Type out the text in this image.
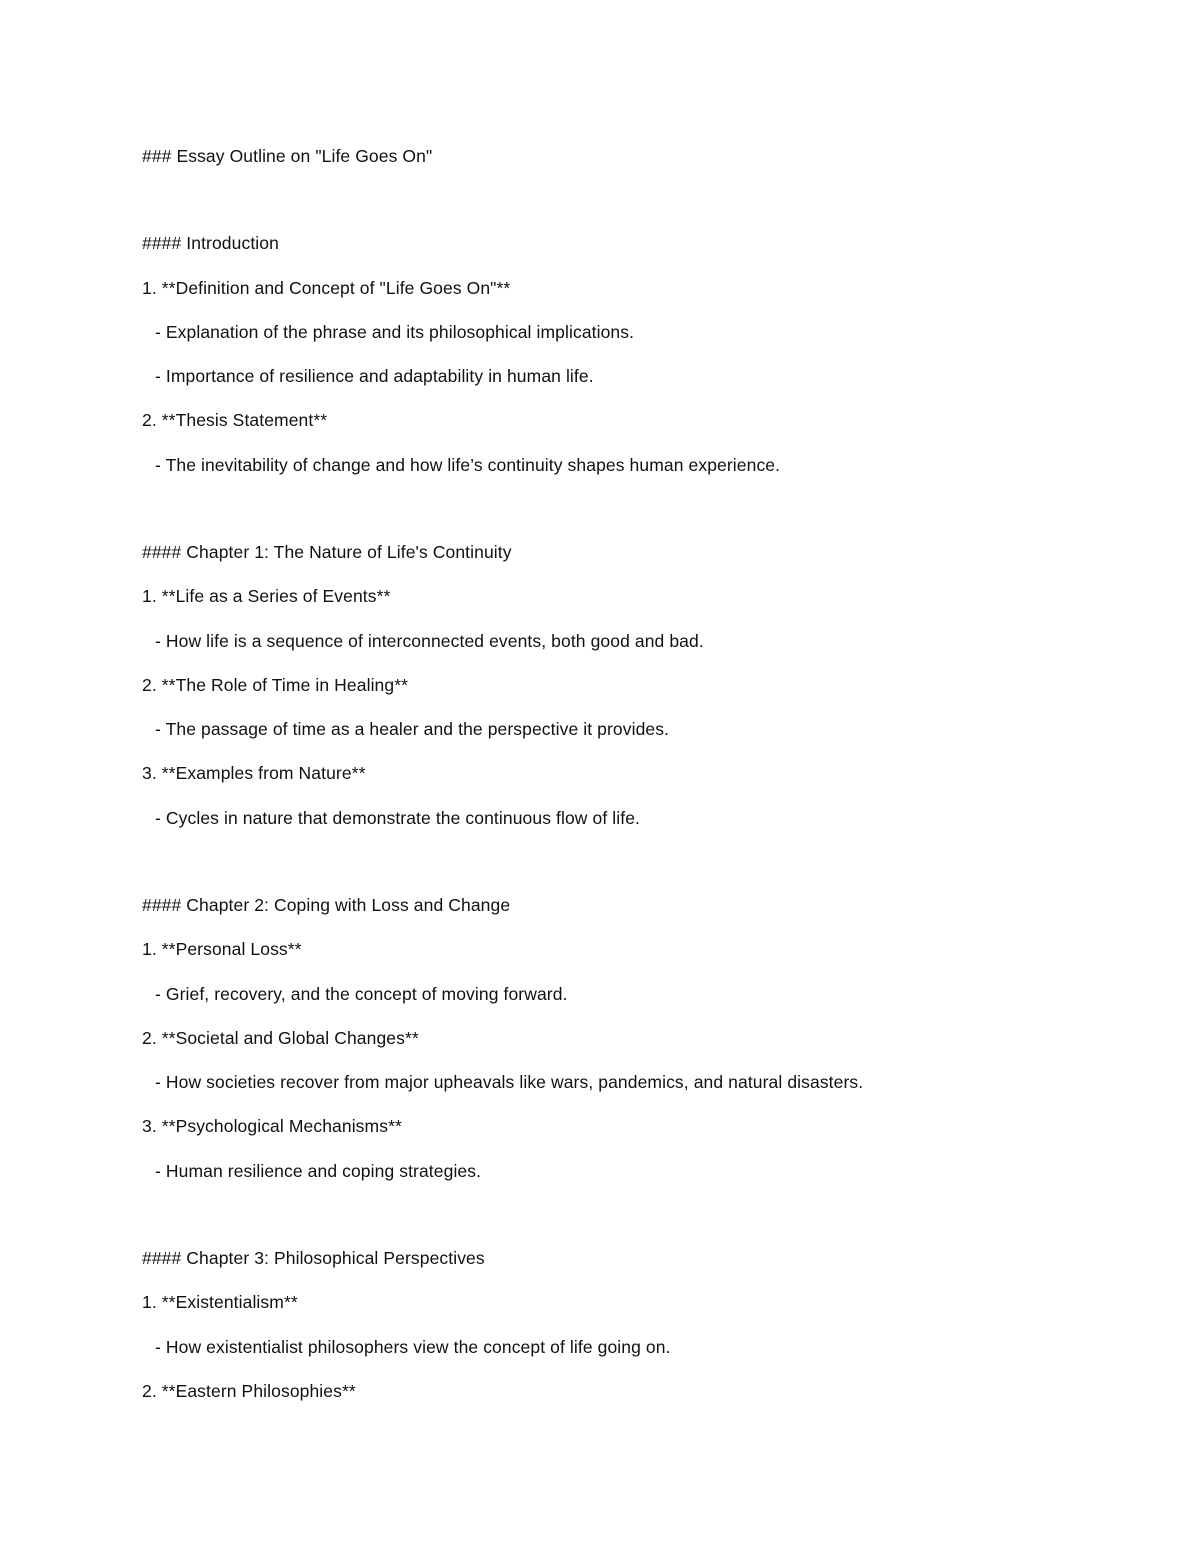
### Essay Outline on "Life Goes On"
#### Introduction
1. **Definition and Concept of "Life Goes On"**
- Explanation of the phrase and its philosophical implications.
- Importance of resilience and adaptability in human life.
2. **Thesis Statement**
- The inevitability of change and how life’s continuity shapes human experience.
#### Chapter 1: The Nature of Life's Continuity
1. **Life as a Series of Events**
- How life is a sequence of interconnected events, both good and bad.
2. **The Role of Time in Healing**
- The passage of time as a healer and the perspective it provides.
3. **Examples from Nature**
- Cycles in nature that demonstrate the continuous flow of life.
#### Chapter 2: Coping with Loss and Change
1. **Personal Loss**
- Grief, recovery, and the concept of moving forward.
2. **Societal and Global Changes**
- How societies recover from major upheavals like wars, pandemics, and natural disasters.
3. **Psychological Mechanisms**
- Human resilience and coping strategies.
#### Chapter 3: Philosophical Perspectives
1. **Existentialism**
- How existentialist philosophers view the concept of life going on.
2. **Eastern Philosophies**
